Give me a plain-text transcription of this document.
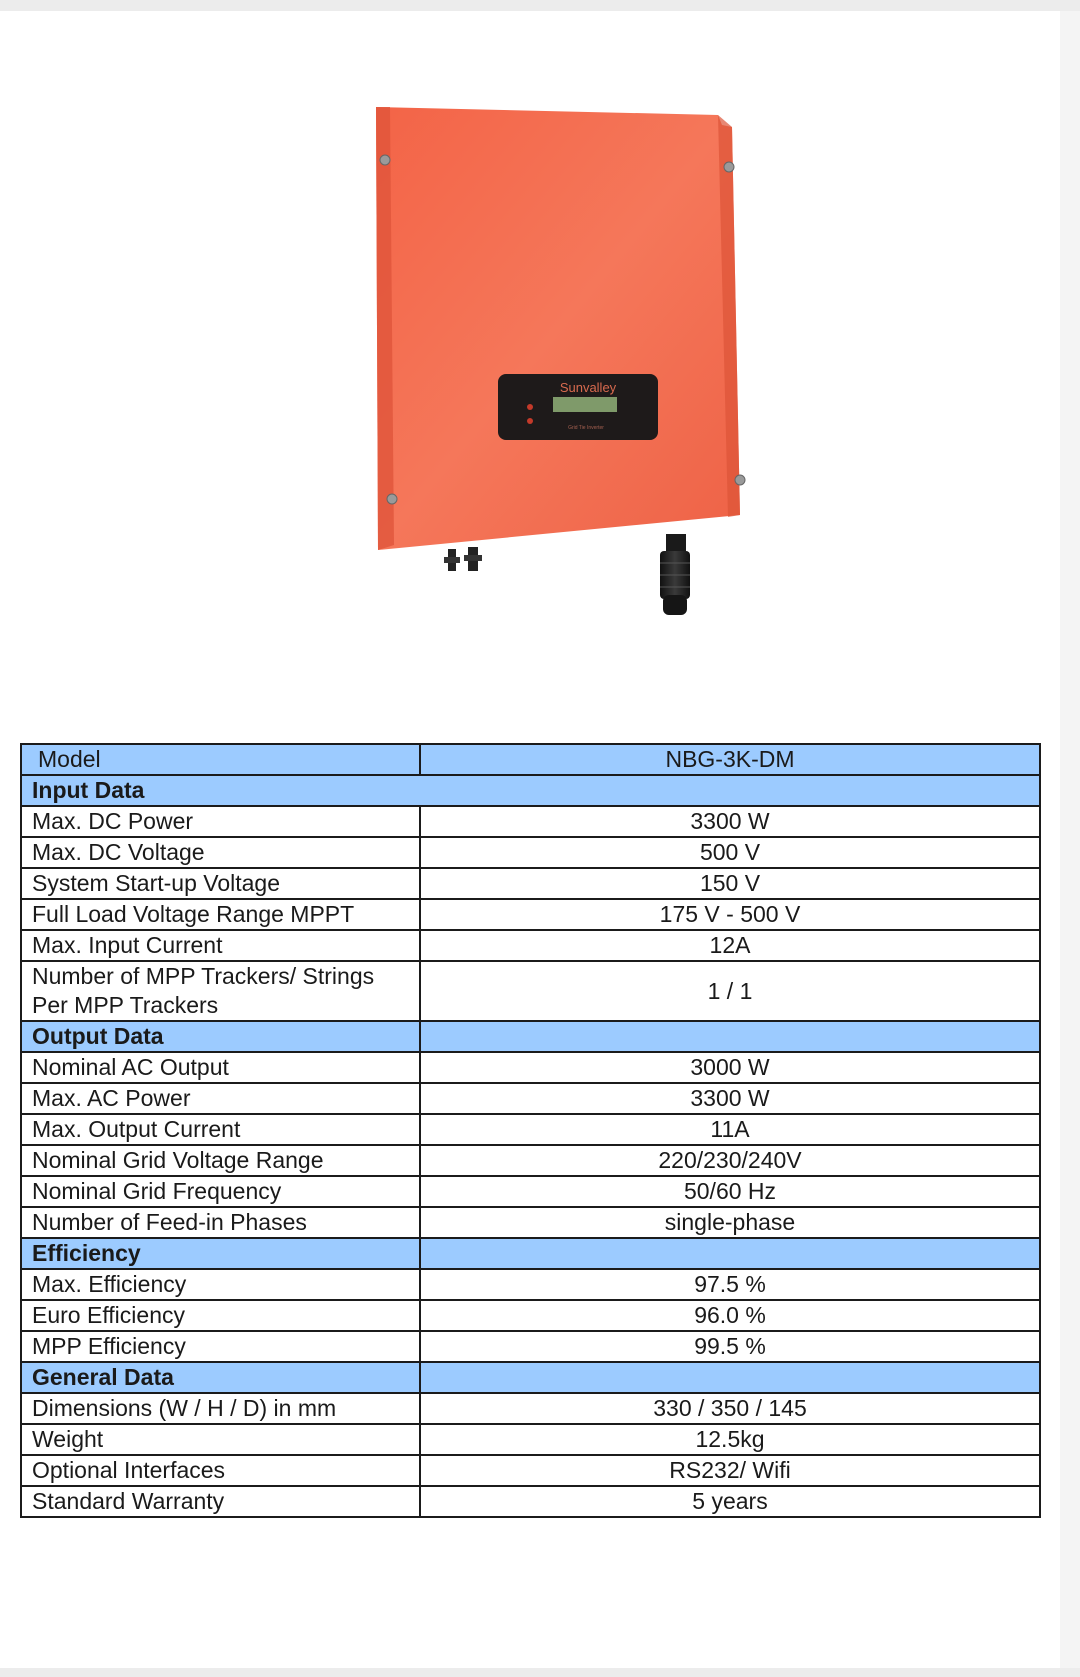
Sunvalley
Grid Tie Inverter
Model	NBG-3K-DM
Input Data	
Max. DC Power	3300 W
Max. DC Voltage	500 V
System Start-up Voltage	150 V
Full Load Voltage Range MPPT	175 V - 500 V
Max. Input Current	12A
Number of MPP Trackers/ Strings Per MPP Trackers	1 / 1
Output Data	
Nominal AC Output	3000 W
Max. AC Power	3300 W
Max. Output Current	11A
Nominal Grid Voltage Range	220/230/240V
Nominal Grid Frequency	50/60 Hz
Number of Feed-in Phases	single-phase
Efficiency	
Max. Efficiency	97.5 %
Euro Efficiency	96.0 %
MPP Efficiency	99.5 %
General Data	
Dimensions (W / H / D) in mm	330 / 350 / 145
Weight	12.5kg
Optional Interfaces	RS232/ Wifi
Standard Warranty	5 years
